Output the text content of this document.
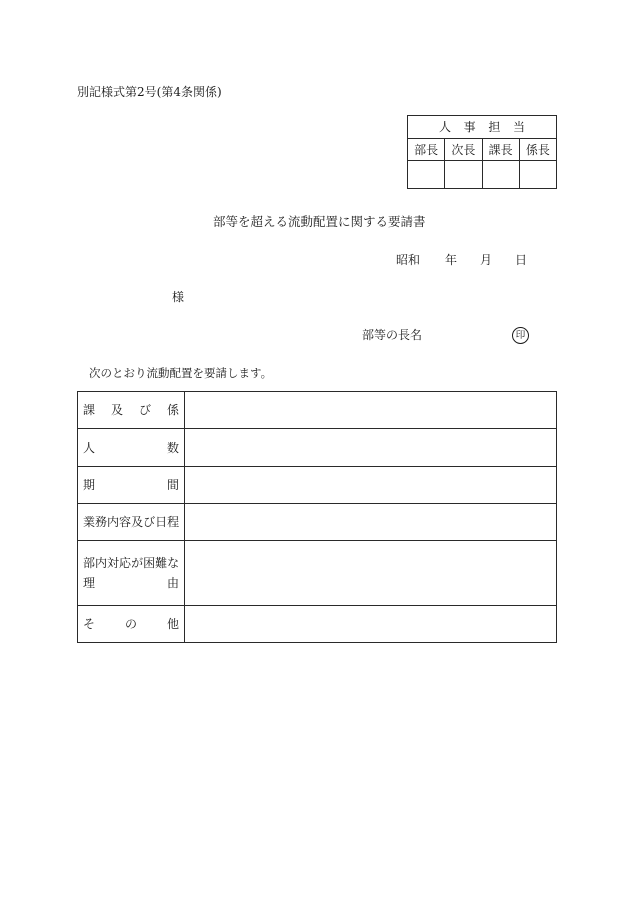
別記様式第2号(第4条関係)
人 事 担 当
部長	次長	課長	係長
部等を超える流動配置に関する要請書
昭和 年 月 日
様
部等の長名	印
次のとおり流動配置を要請します。
課 及 び 係
人	数
期	間
業 務 内 容 及 び 日 程
部 内 対 応 が 困 難 な
理	由
そ の 他
